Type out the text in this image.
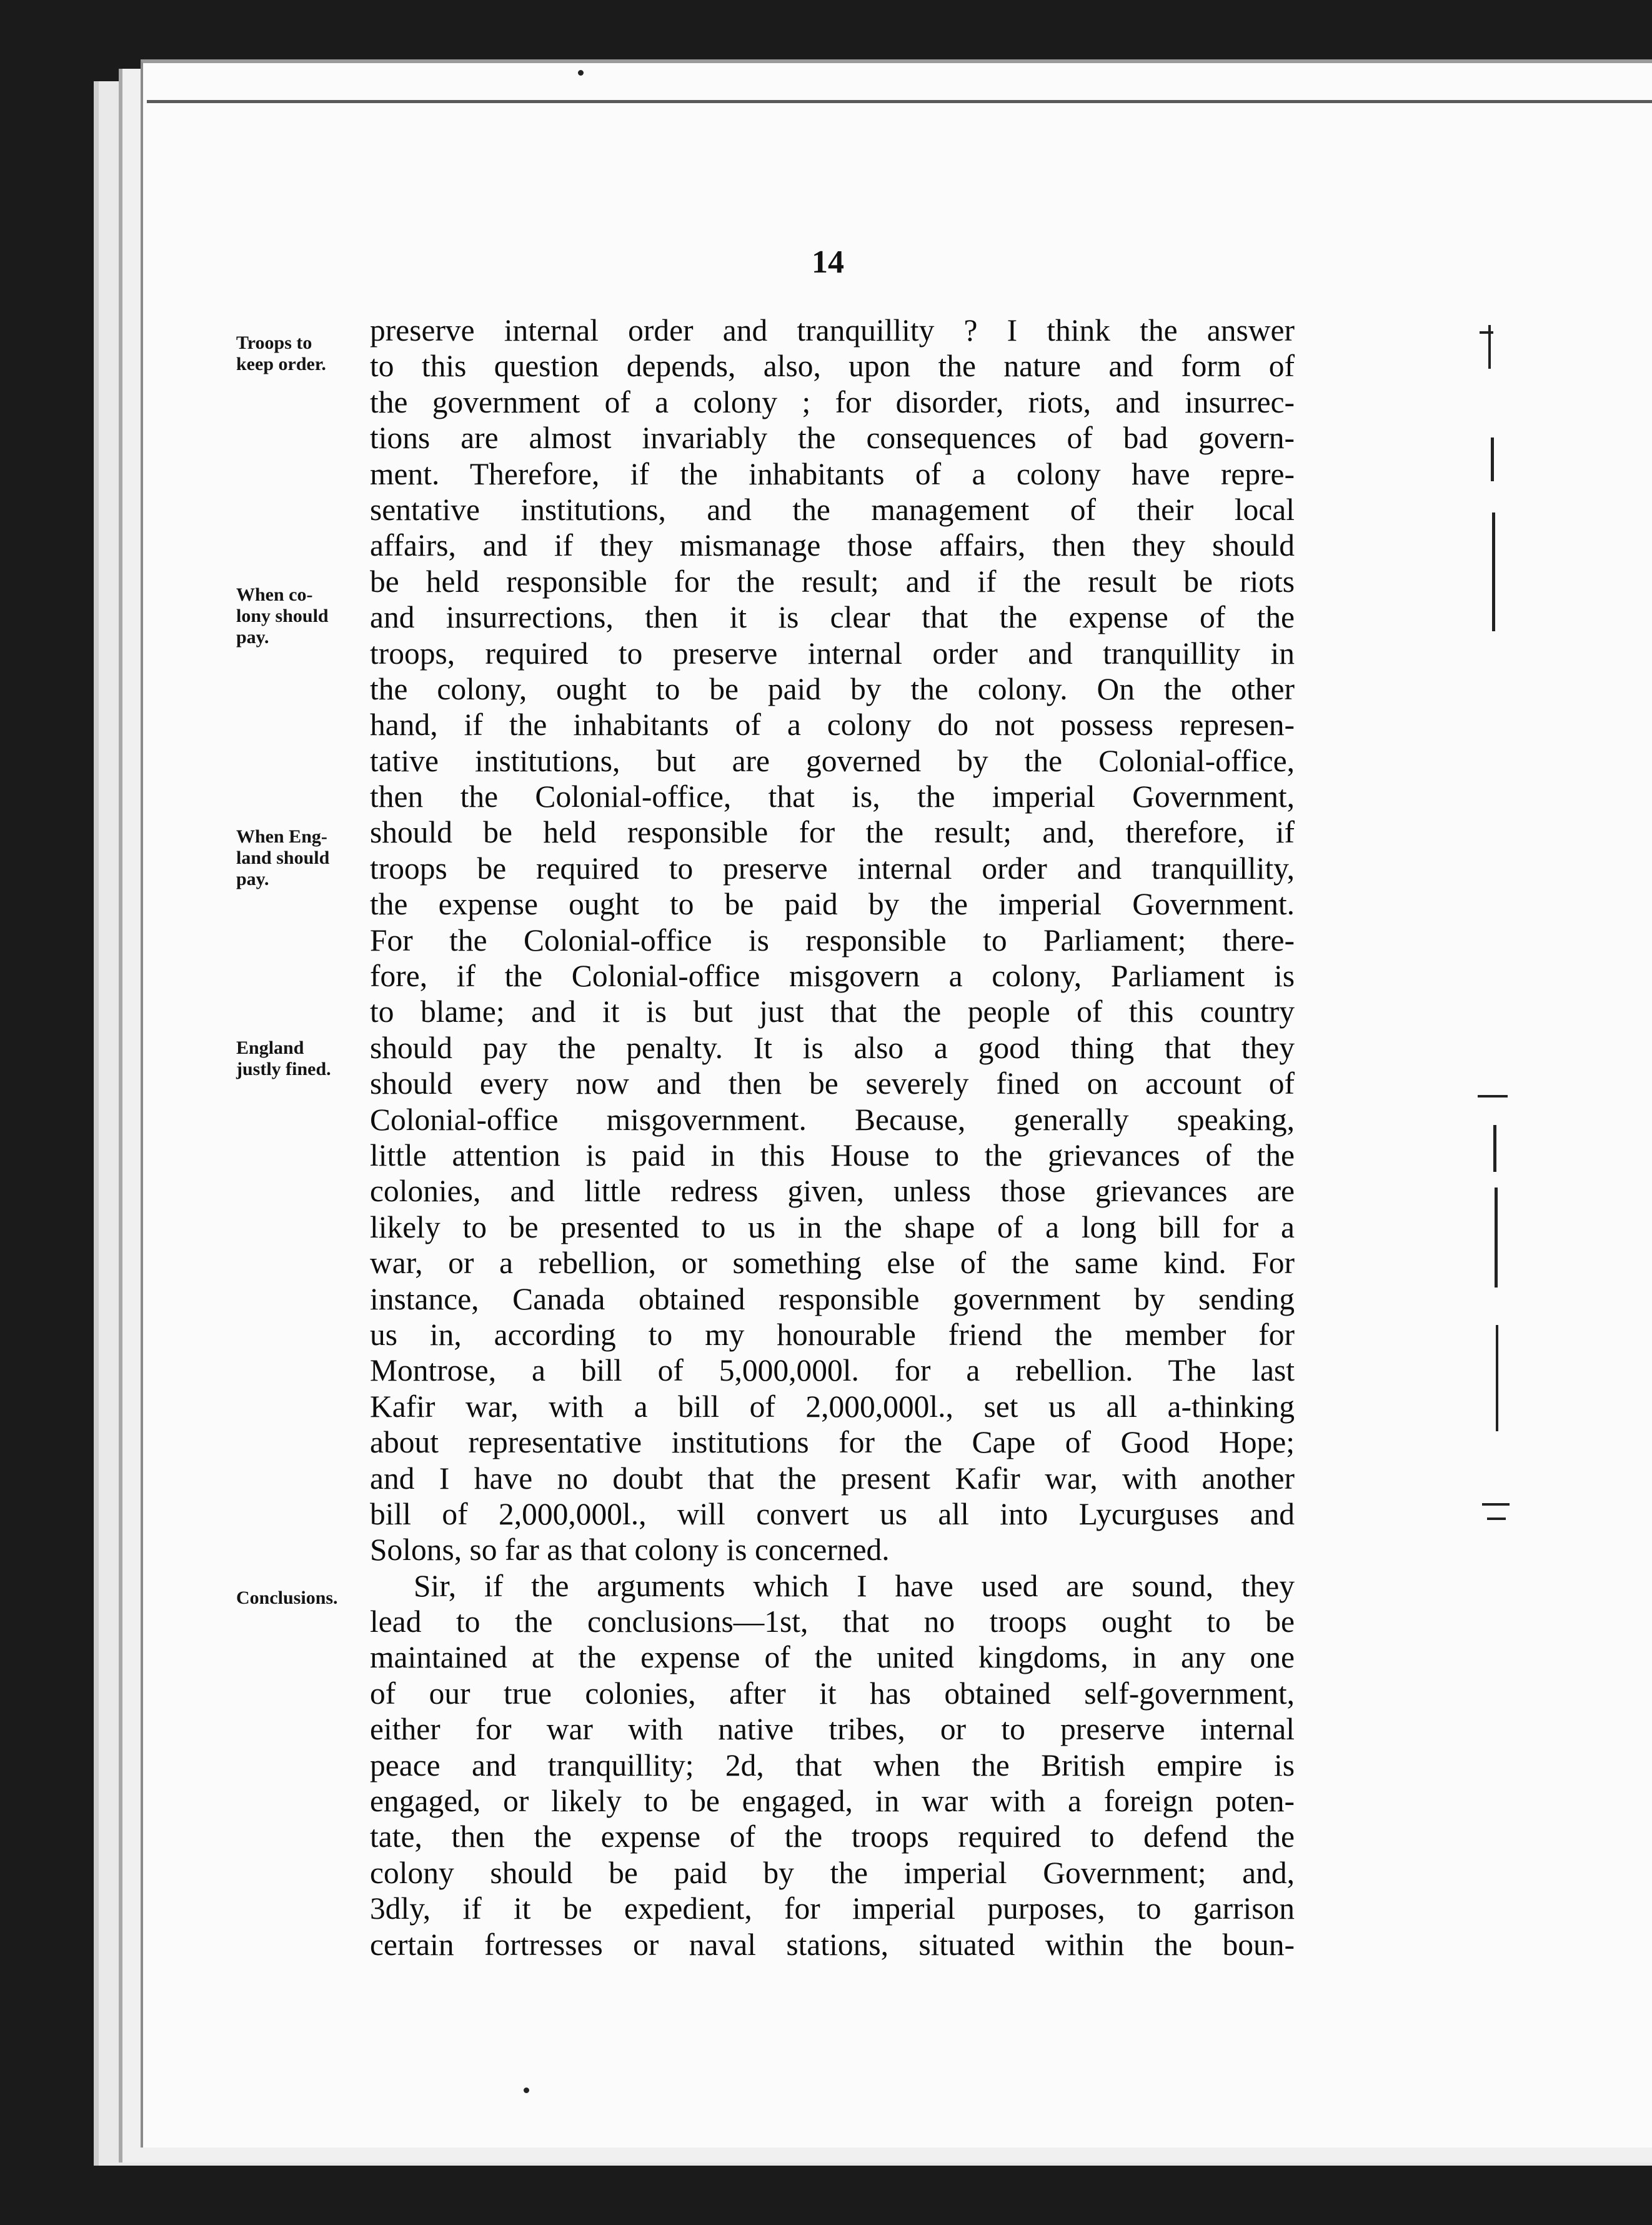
14
Troops to
keep order.
When co-
lony should
pay.
When Eng-
land should
pay.
England
justly fined.
Conclusions.
preserve internal order and tranquillity ? I think the answer
to this question depends, also, upon the nature and form of
the government of a colony ; for disorder, riots, and insurrec-
tions are almost invariably the consequences of bad govern-
ment. Therefore, if the inhabitants of a colony have repre-
sentative institutions, and the management of their local
affairs, and if they mismanage those affairs, then they should
be held responsible for the result; and if the result be riots
and insurrections, then it is clear that the expense of the
troops, required to preserve internal order and tranquillity in
the colony, ought to be paid by the colony. On the other
hand, if the inhabitants of a colony do not possess represen-
tative institutions, but are governed by the Colonial-office,
then the Colonial-office, that is, the imperial Government,
should be held responsible for the result; and, therefore, if
troops be required to preserve internal order and tranquillity,
the expense ought to be paid by the imperial Government.
For the Colonial-office is responsible to Parliament; there-
fore, if the Colonial-office misgovern a colony, Parliament is
to blame; and it is but just that the people of this country
should pay the penalty. It is also a good thing that they
should every now and then be severely fined on account of
Colonial-office misgovernment. Because, generally speaking,
little attention is paid in this House to the grievances of the
colonies, and little redress given, unless those grievances are
likely to be presented to us in the shape of a long bill for a
war, or a rebellion, or something else of the same kind. For
instance, Canada obtained responsible government by sending
us in, according to my honourable friend the member for
Montrose, a bill of 5,000,000l. for a rebellion. The last
Kafir war, with a bill of 2,000,000l., set us all a-thinking
about representative institutions for the Cape of Good Hope;
and I have no doubt that the present Kafir war, with another
bill of 2,000,000l., will convert us all into Lycurguses and
Solons, so far as that colony is concerned.
Sir, if the arguments which I have used are sound, they
lead to the conclusions—1st, that no troops ought to be
maintained at the expense of the united kingdoms, in any one
of our true colonies, after it has obtained self-government,
either for war with native tribes, or to preserve internal
peace and tranquillity; 2d, that when the British empire is
engaged, or likely to be engaged, in war with a foreign poten-
tate, then the expense of the troops required to defend the
colony should be paid by the imperial Government; and,
3dly, if it be expedient, for imperial purposes, to garrison
certain fortresses or naval stations, situated within the boun-
